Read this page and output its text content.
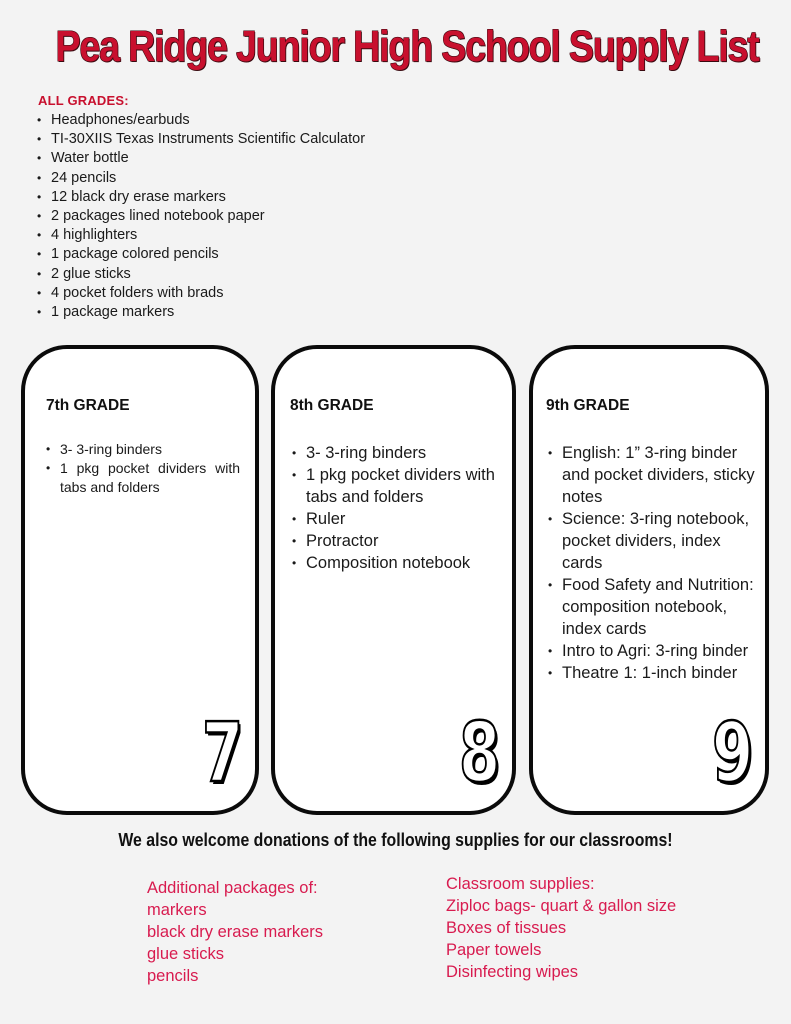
Pea Ridge Junior High School Supply List
ALL GRADES:
• Headphones/earbuds
• TI-30XIIS Texas Instruments Scientific Calculator
• Water bottle
• 24 pencils
• 12 black dry erase markers
• 2 packages lined notebook paper
• 4 highlighters
• 1 package colored pencils
• 2 glue sticks
• 4 pocket folders with brads
• 1 package markers
7th GRADE
• 3- 3-ring binders
• 1 pkg pocket dividers with tabs and folders
7
8th GRADE
• 3- 3-ring binders
• 1 pkg pocket dividers with tabs and folders
• Ruler
• Protractor
• Composition notebook
8
9th GRADE
• English: 1” 3-ring binder and pocket dividers, sticky notes
• Science: 3-ring notebook, pocket dividers, index cards
• Food Safety and Nutrition: composition notebook, index cards
• Intro to Agri: 3-ring binder
• Theatre 1: 1-inch binder
9
We also welcome donations of the following supplies for our classrooms!
Additional packages of:
markers
black dry erase markers
glue sticks
pencils
Classroom supplies:
Ziploc bags- quart & gallon size
Boxes of tissues
Paper towels
Disinfecting wipes
